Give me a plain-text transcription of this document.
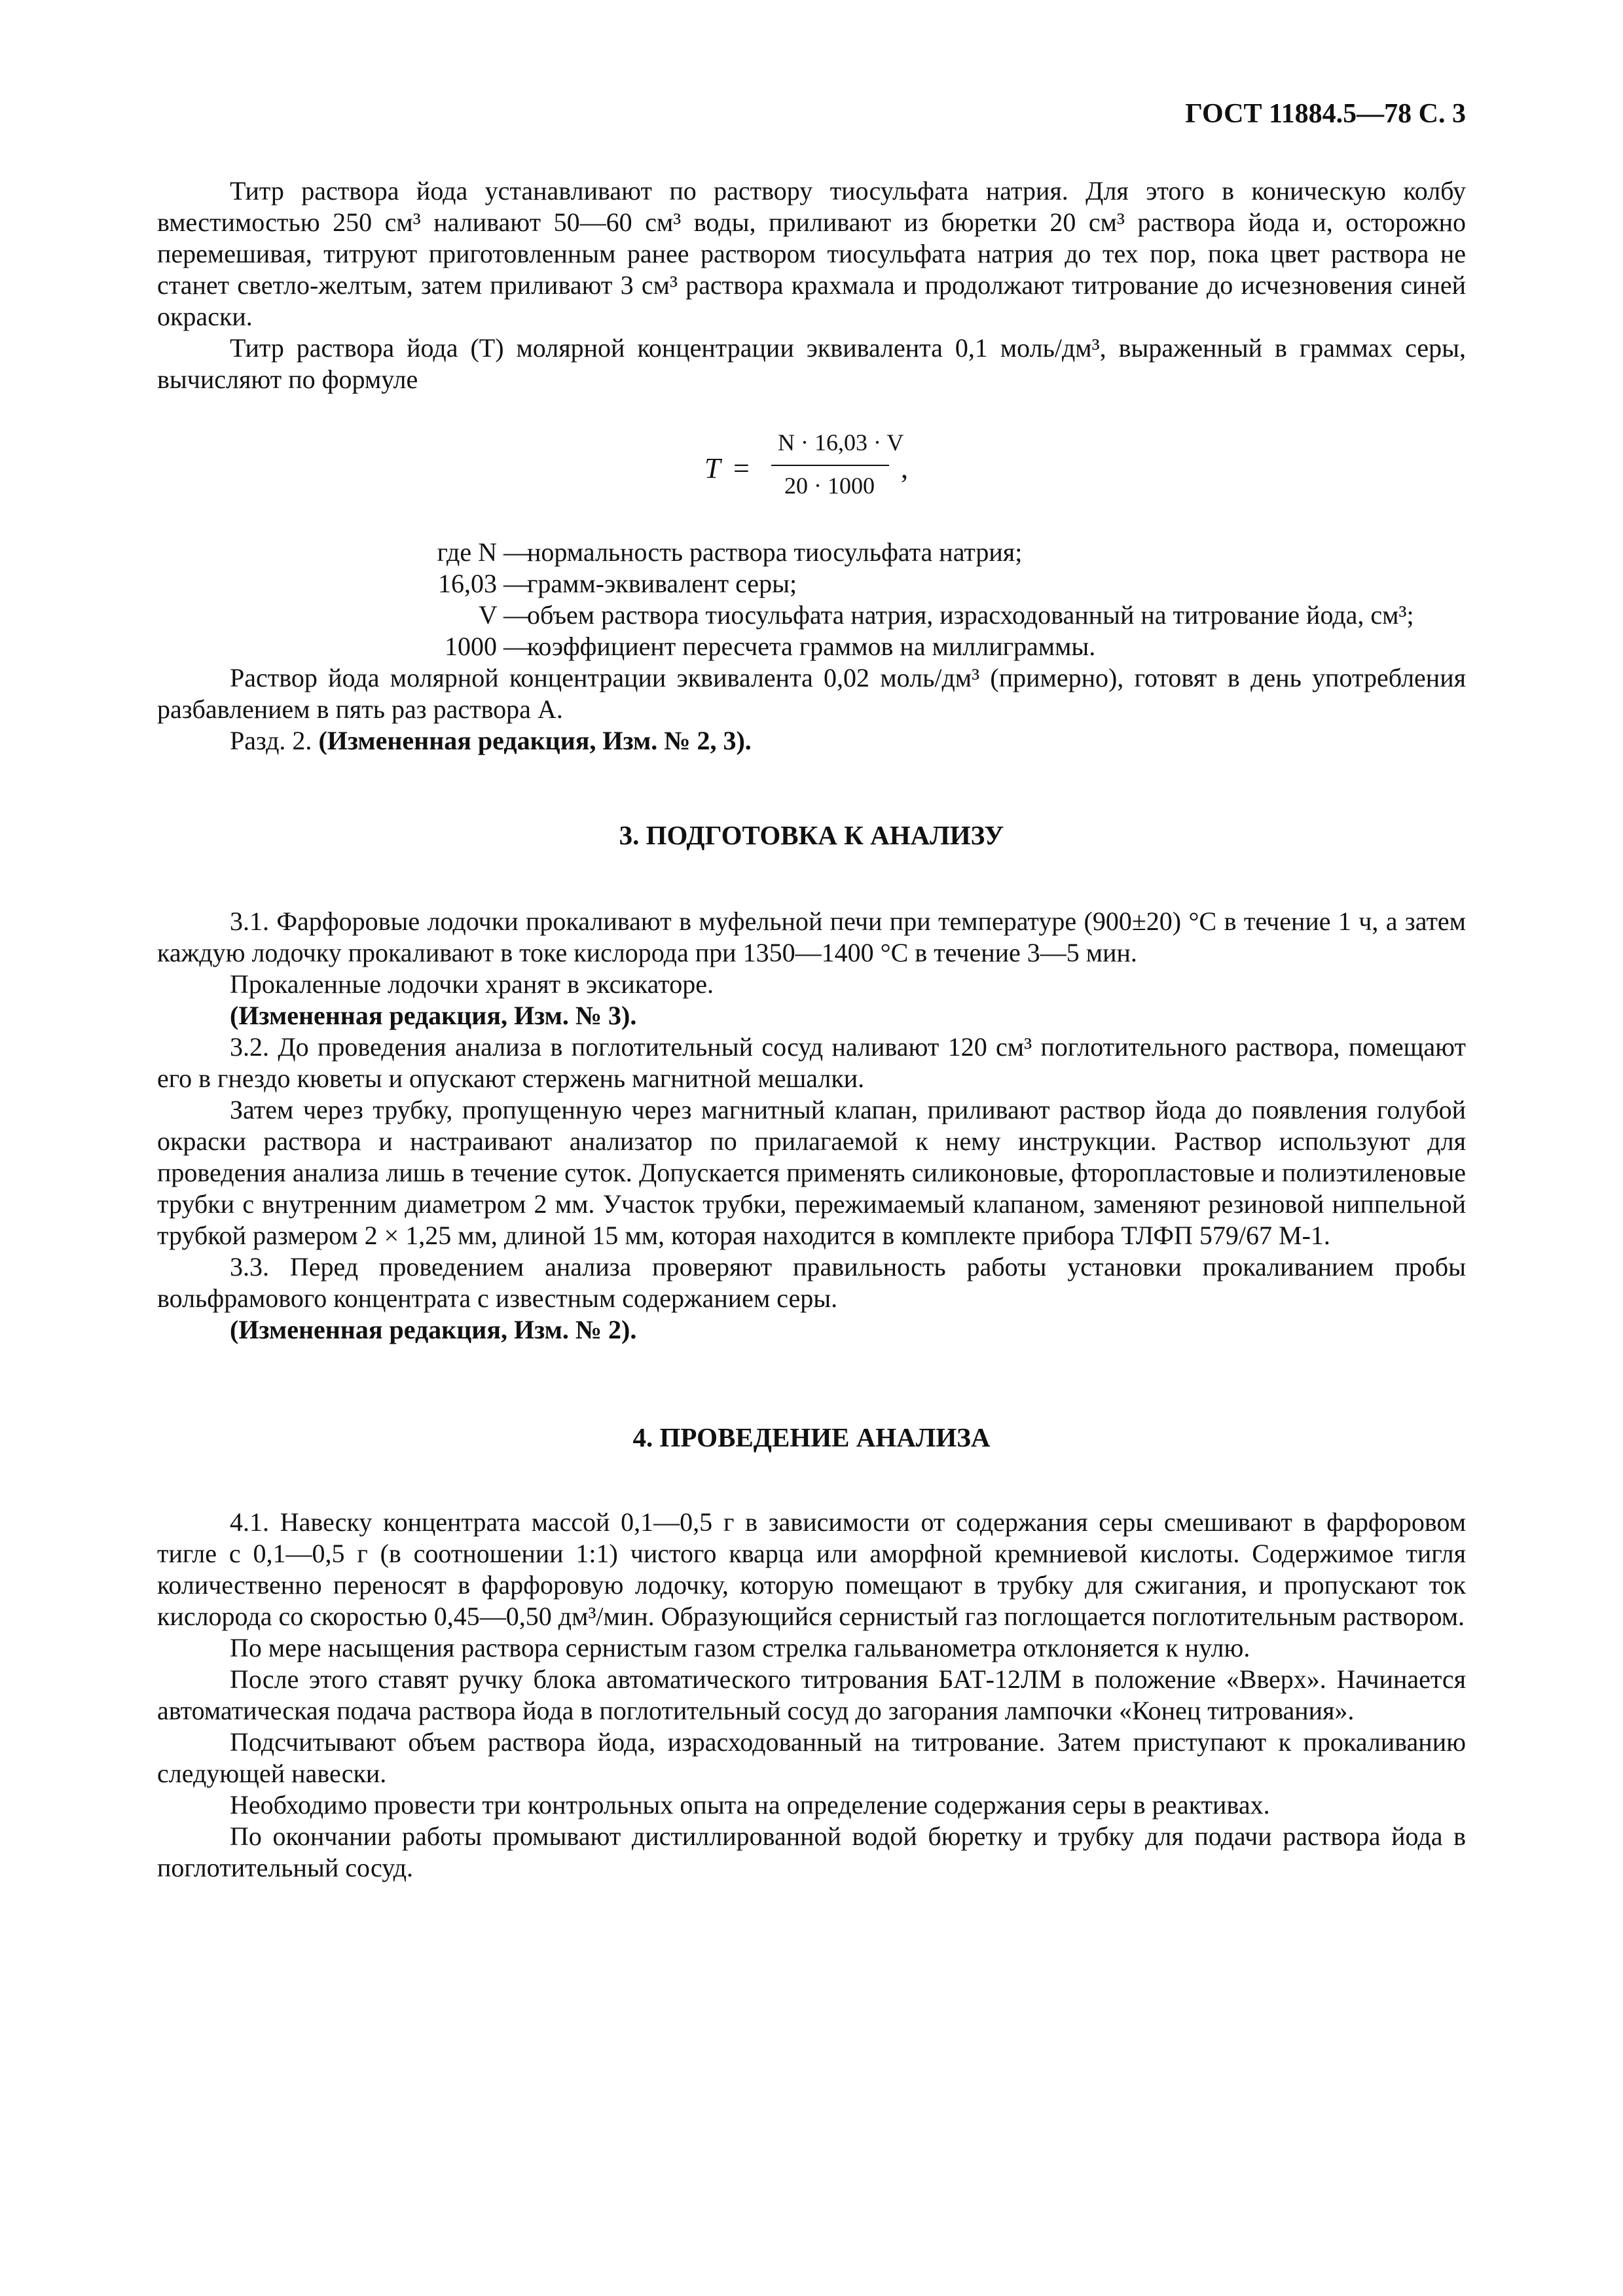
ГОСТ 11884.5—78 С. 3

Титр раствора йода устанавливают по раствору тиосульфата натрия. Для этого в коническую колбу вместимостью 250 см³ наливают 50—60 см³ воды, приливают из бюретки 20 см³ раствора йода и, осторожно перемешивая, титруют приготовленным ранее раствором тиосульфата натрия до тех пор, пока цвет раствора не станет светло-желтым, затем приливают 3 см³ раствора крахмала и продолжают титрование до исчезновения синей окраски.

Титр раствора йода (Т) молярной концентрации эквивалента 0,1 моль/дм³, выраженный в граммах серы, вычисляют по формуле

T =
N · 16,03 · V
20 · 1000
,
где N —
нормальность раствора тиосульфата натрия;
16,03 —
грамм-эквивалент серы;
V —
объем раствора тиосульфата натрия, израсходованный на титрование йода, см³;
1000 —
коэффициент пересчета граммов на миллиграммы.

Раствор йода молярной концентрации эквивалента 0,02 моль/дм³ (примерно), готовят в день употребления разбавлением в пять раз раствора А.

Разд. 2. (Измененная редакция, Изм. № 2, 3).

3. ПОДГОТОВКА К АНАЛИЗУ

3.1. Фарфоровые лодочки прокаливают в муфельной печи при температуре (900±20) °С в течение 1 ч, а затем каждую лодочку прокаливают в токе кислорода при 1350—1400 °С в течение 3—5 мин.

Прокаленные лодочки хранят в эксикаторе.

(Измененная редакция, Изм. № 3).

3.2. До проведения анализа в поглотительный сосуд наливают 120 см³ поглотительного раствора, помещают его в гнездо кюветы и опускают стержень магнитной мешалки.

Затем через трубку, пропущенную через магнитный клапан, приливают раствор йода до появления голубой окраски раствора и настраивают анализатор по прилагаемой к нему инструкции. Раствор используют для проведения анализа лишь в течение суток. Допускается применять силиконовые, фторопластовые и полиэтиленовые трубки с внутренним диаметром 2 мм. Участок трубки, пережимаемый клапаном, заменяют резиновой ниппельной трубкой размером 2 × 1,25 мм, длиной 15 мм, которая находится в комплекте прибора ТЛФП 579/67 М-1.

3.3. Перед проведением анализа проверяют правильность работы установки прокаливанием пробы вольфрамового концентрата с известным содержанием серы.

(Измененная редакция, Изм. № 2).

4. ПРОВЕДЕНИЕ АНАЛИЗА

4.1. Навеску концентрата массой 0,1—0,5 г в зависимости от содержания серы смешивают в фарфоровом тигле с 0,1—0,5 г (в соотношении 1:1) чистого кварца или аморфной кремниевой кислоты. Содержимое тигля количественно переносят в фарфоровую лодочку, которую помещают в трубку для сжигания, и пропускают ток кислорода со скоростью 0,45—0,50 дм³/мин. Образующийся сернистый газ поглощается поглотительным раствором.

По мере насыщения раствора сернистым газом стрелка гальванометра отклоняется к нулю.

После этого ставят ручку блока автоматического титрования БАТ-12ЛМ в положение «Вверх». Начинается автоматическая подача раствора йода в поглотительный сосуд до загорания лампочки «Конец титрования».

Подсчитывают объем раствора йода, израсходованный на титрование. Затем приступают к прокаливанию следующей навески.

Необходимо провести три контрольных опыта на определение содержания серы в реактивах.

По окончании работы промывают дистиллированной водой бюретку и трубку для подачи раствора йода в поглотительный сосуд.
